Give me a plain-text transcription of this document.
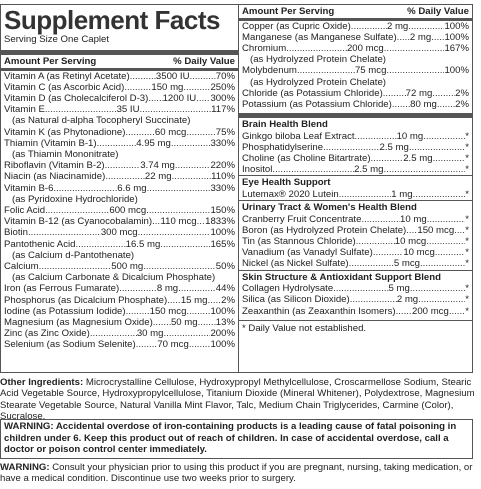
Supplement Facts
Serving Size One Caplet
Amount Per Serving	% Daily Value
Vitamin A (as Retinyl Acetate) .....	3500 IU .....	70%
Vitamin C (as Ascorbic Acid) .....	150 mg .....	250%
Vitamin D (as Cholecalciferol D-3) ..... 1200 IU ..... 300%
Vitamin E .....	35 IU .....	117%
(as Natural d-alpha Tocopheryl Succinate)
Vitamin K (as Phytonadione) .....	60 mcg .....	75%
Thiamin (Vitamin B-1) .....	4.95 mg .....	330%
(as Thiamin Mononitrate)
Riboflavin (Vitamin B-2) .....	3.74 mg .....	220%
Niacin (as Niacinamide) .....	22 mg .....	110%
Vitamin B-6 .....	6.6 mg .....	330%
(as Pyridoxine Hydrochloride)
Folic Acid .....	600 mcg .....	150%
Vitamin B-12 (as Cyanocobalamin) ..... 110 mcg ..... 1833%
Biotin .....	300 mcg .....	100%
Pantothenic Acid .....	16.5 mg .....	165%
(as Calcium d-Pantothenate)
Calcium .....	500 mg .....	50%
(as Calcium Carbonate & Dicalcium Phosphate)
Iron (as Ferrous Fumarate) .....	8 mg .....	44%
Phosphorus (as Dicalcium Phosphate) ..... 15 mg ..... 2%
Iodine (as Potassium Iodide) .....	150 mcg .....	100%
Magnesium (as Magnesium Oxide) ..... 50 mg ..... 13%
Zinc (as Zinc Oxide) .....	30 mg .....	200%
Selenium (as Sodium Selenite) ..... 70 mcg ..... 100%
Amount Per Serving	% Daily Value
Copper (as Cupric Oxide) .....	2 mg .....	100%
Manganese (as Manganese Sulfate) ..... 2 mg ..... 100%
Chromium .....	200 mcg .....	167%
(as Hydrolyzed Protein Chelate)
Molybdenum .....	75 mcg .....	100%
(as Hydrolyzed Protein Chelate)
Chloride (as Potassium Chloride) ..... 72 mg ..... 2%
Potassium (as Potassium Chloride) ..... 80 mg ..... 2%
Brain Health Blend
Ginkgo biloba Leaf Extract .....	10 mg .....	*
Phosphatidylserine .....	2.5 mg .....	*
Choline (as Choline Bitartrate) .....	2.5 mg .....	*
Inositol .....	2.5 mg .....	*
Eye Health Support
Lutemax® 2020 Lutein .....	1 mg .....	*
Urinary Tract & Women's Health Blend
Cranberry Fruit Concentrate .....	10 mg .....	*
Boron (as Hydrolyzed Protein Chelate) ..... 150 mcg ..... *
Tin (as Stannous Chloride) .....	10 mcg .....	*
Vanadium (as Vanadyl Sulfate) .....	10 mcg .....	*
Nickel (as Nickel Sulfate) .....	5 mcg .....	*
Skin Structure & Antioxidant Support Blend
Collagen Hydrolysate .....	5 mg .....	*
Silica (as Silicon Dioxide) .....	2 mg .....	*
Zeaxanthin (as Zeaxanthin Isomers) ..... 200 mcg ..... *
* Daily Value not established.
Other Ingredients: Microcrystalline Cellulose, Hydroxypropyl Methylcellulose, Croscarmellose Sodium, Stearic Acid Vegetable Source, Hydroxypropylcellulose, Titanium Dioxide (Mineral Whitener), Polydextrose, Magnesium Stearate Vegetable Source, Natural Vanilla Mint Flavor, Talc, Medium Chain Triglycerides, Carmine (Color), Sucralose.
WARNING: Accidental overdose of iron-containing products is a leading cause of fatal poisoning in children under 6. Keep this product out of reach of children. In case of accidental overdose, call a doctor or poison control center immediately.
WARNING: Consult your physician prior to using this product if you are pregnant, nursing, taking medication, or have a medical condition. Discontinue use two weeks prior to surgery.
